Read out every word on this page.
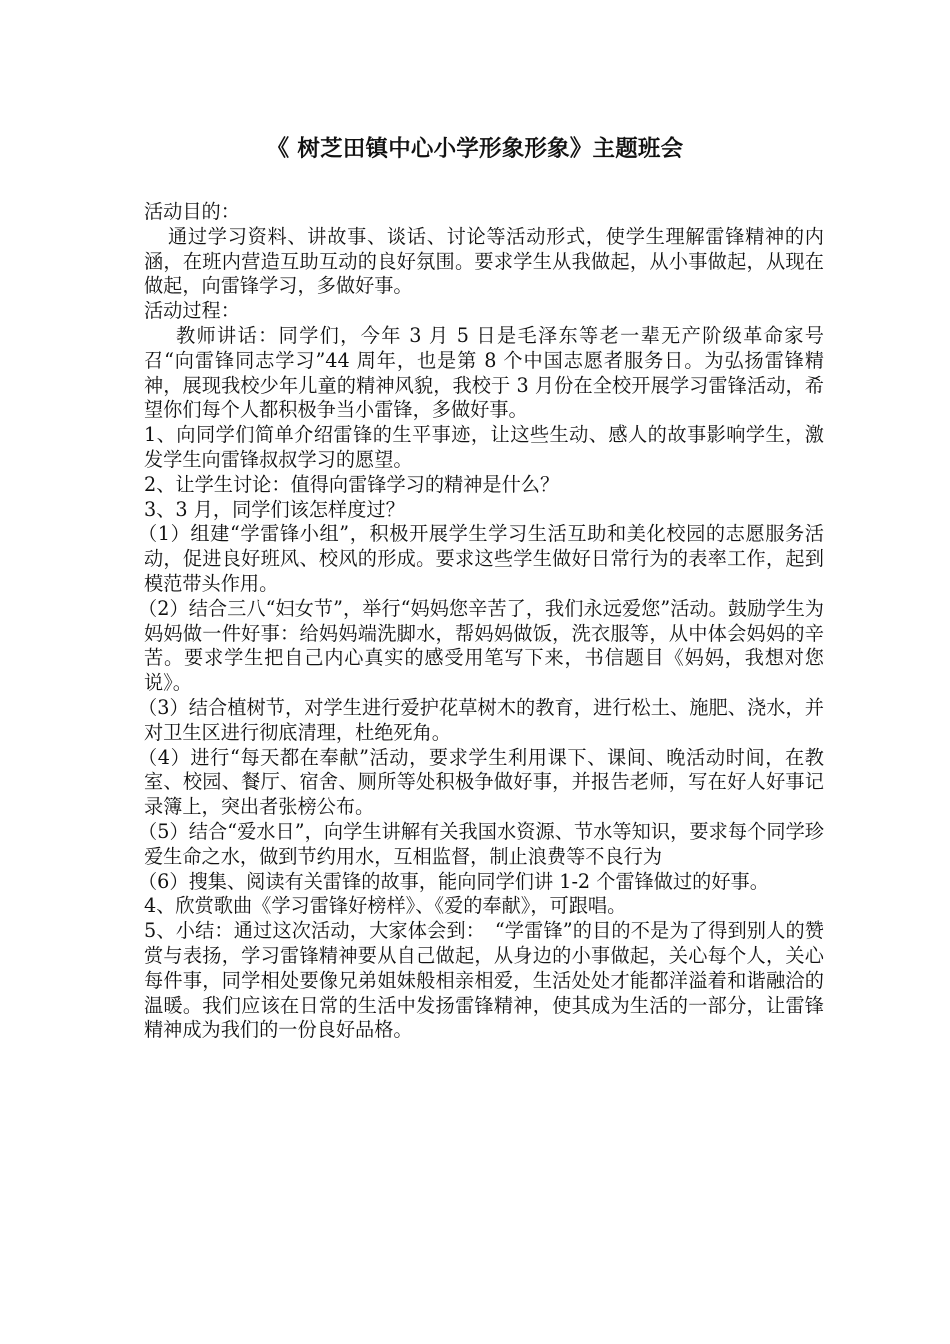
《 树芝田镇中心小学形象形象》主题班会

活动目的：

通过学习资料、讲故事、谈话、讨论等活动形式，使学生理解雷锋精神的内涵，在班内营造互助互动的良好氛围。要求学生从我做起，从小事做起，从现在做起，向雷锋学习，多做好事。

活动过程：

教师讲话：同学们，今年 3 月 5 日是毛泽东等老一辈无产阶级革命家号召“向雷锋同志学习”44 周年，也是第 8 个中国志愿者服务日。为弘扬雷锋精神，展现我校少年儿童的精神风貌，我校于 3 月份在全校开展学习雷锋活动，希望你们每个人都积极争当小雷锋，多做好事。

1、向同学们简单介绍雷锋的生平事迹，让这些生动、感人的故事影响学生，激发学生向雷锋叔叔学习的愿望。

2、让学生讨论：值得向雷锋学习的精神是什么？

3、3 月，同学们该怎样度过？

（1）组建“学雷锋小组”，积极开展学生学习生活互助和美化校园的志愿服务活动，促进良好班风、校风的形成。要求这些学生做好日常行为的表率工作，起到模范带头作用。

（2）结合三八“妇女节”，举行“妈妈您辛苦了，我们永远爱您”活动。鼓励学生为妈妈做一件好事：给妈妈端洗脚水，帮妈妈做饭，洗衣服等，从中体会妈妈的辛苦。要求学生把自己内心真实的感受用笔写下来，书信题目《妈妈，我想对您说》。

（3）结合植树节，对学生进行爱护花草树木的教育，进行松土、施肥、浇水，并对卫生区进行彻底清理，杜绝死角。

（4）进行“每天都在奉献”活动，要求学生利用课下、课间、晚活动时间，在教室、校园、餐厅、宿舍、厕所等处积极争做好事，并报告老师，写在好人好事记录簿上，突出者张榜公布。

（5）结合“爱水日”，向学生讲解有关我国水资源、节水等知识，要求每个同学珍爱生命之水，做到节约用水，互相监督，制止浪费等不良行为

（6）搜集、阅读有关雷锋的故事，能向同学们讲 1-2 个雷锋做过的好事。

4、欣赏歌曲《学习雷锋好榜样》、《爱的奉献》，可跟唱。

5、小结：通过这次活动，大家体会到：　“学雷锋”的目的不是为了得到别人的赞赏与表扬，学习雷锋精神要从自己做起，从身边的小事做起，关心每个人，关心每件事，同学相处要像兄弟姐妹般相亲相爱，生活处处才能都洋溢着和谐融洽的温暖。我们应该在日常的生活中发扬雷锋精神，使其成为生活的一部分，让雷锋精神成为我们的一份良好品格。
